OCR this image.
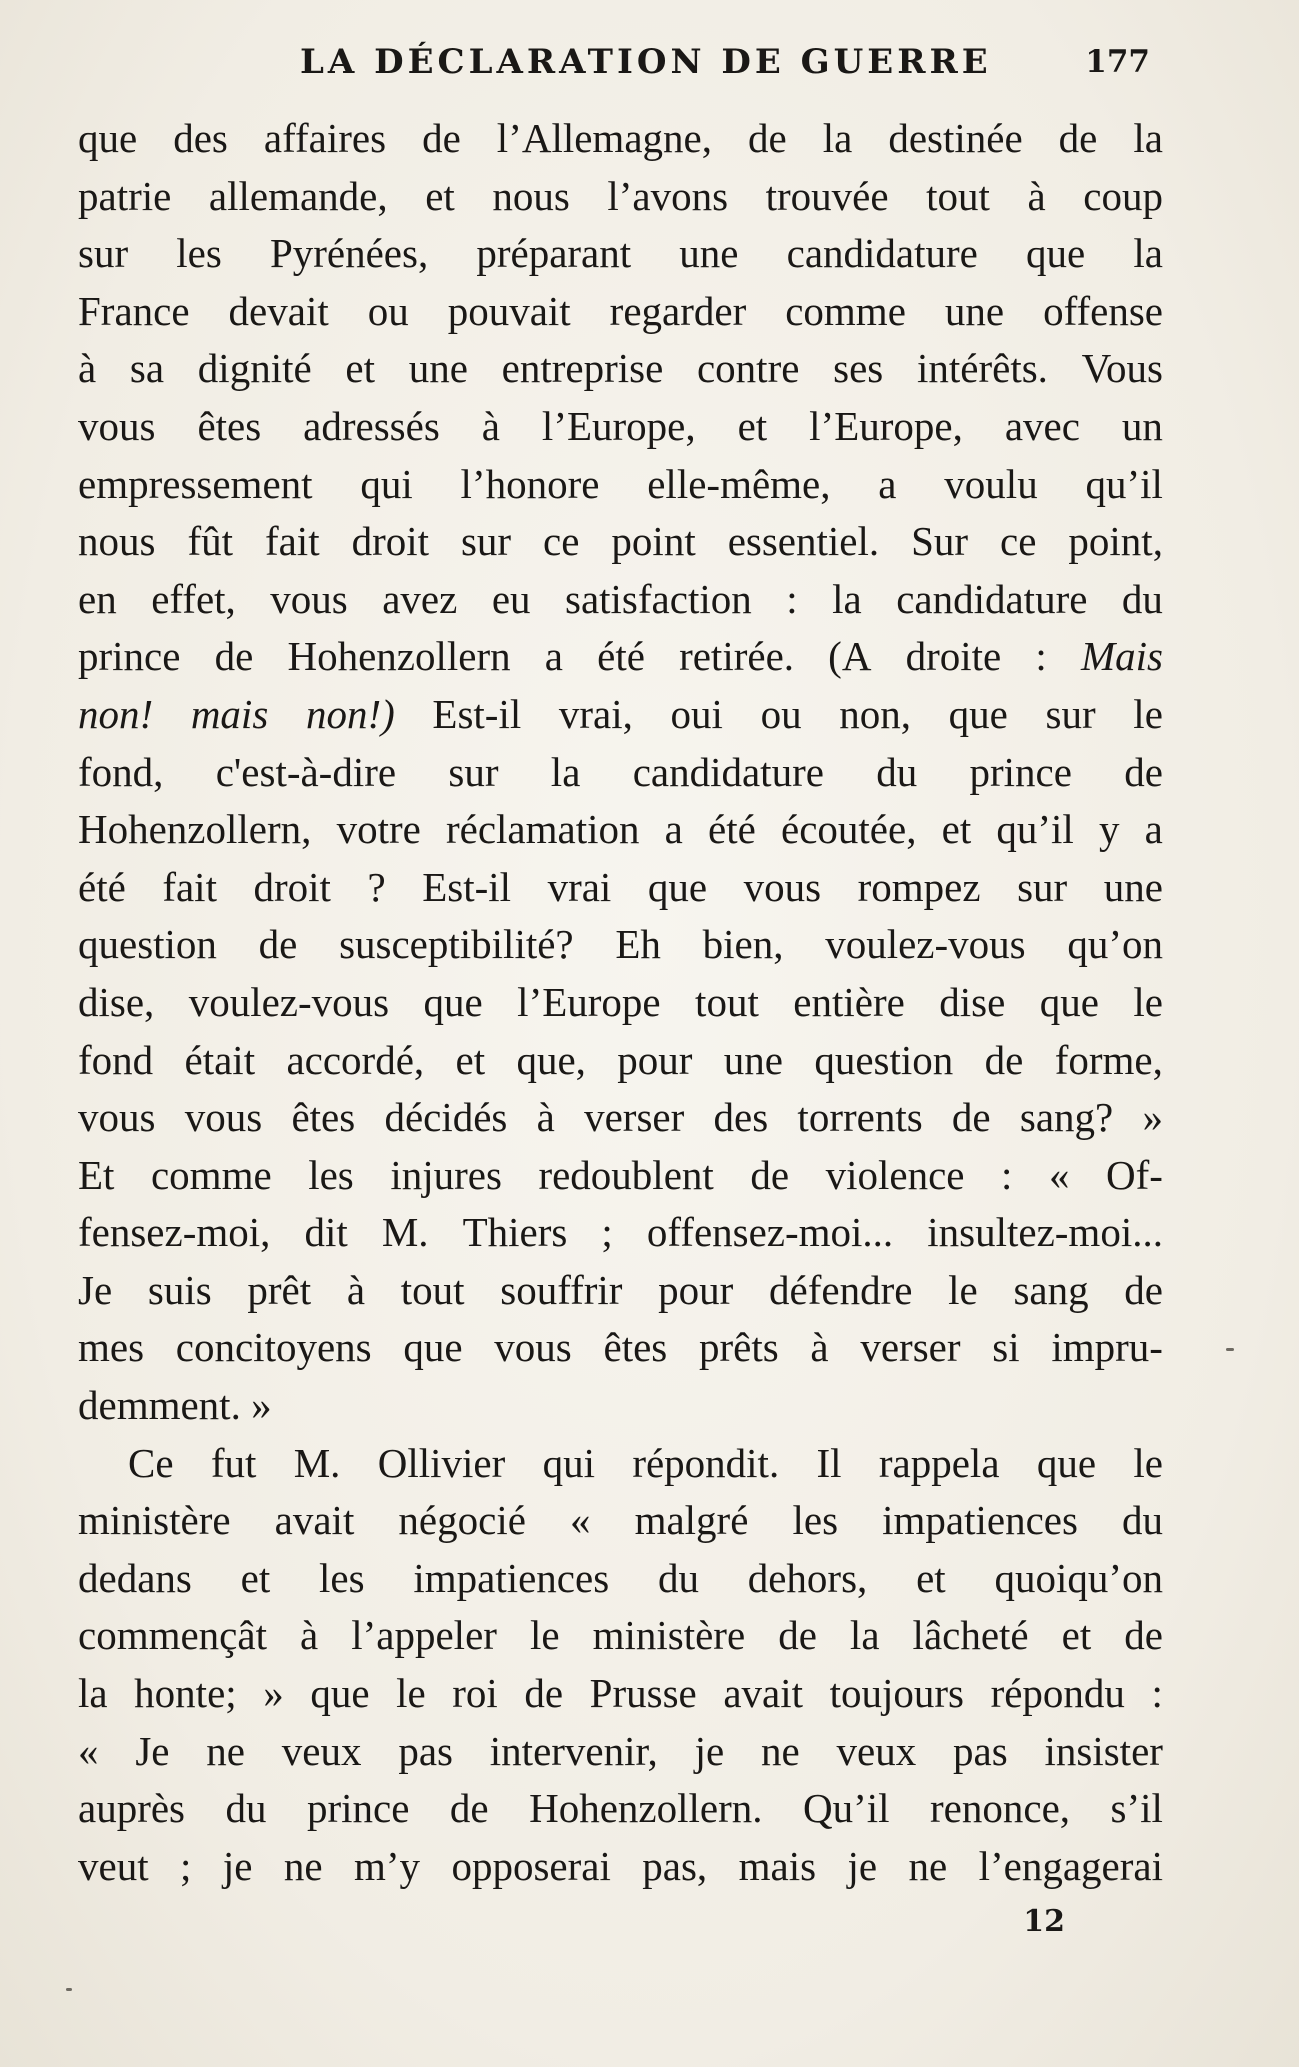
LA DÉCLARATION DE GUERRE	177
que des affaires de l’Allemagne, de la destinée de la
patrie allemande, et nous l’avons trouvée tout à coup
sur les Pyrénées, préparant une candidature que la
France devait ou pouvait regarder comme une offense
à sa dignité et une entreprise contre ses intérêts. Vous
vous êtes adressés à l’Europe, et l’Europe, avec un
empressement qui l’honore elle-même, a voulu qu’il
nous fût fait droit sur ce point essentiel. Sur ce point,
en effet, vous avez eu satisfaction : la candidature du
prince de Hohenzollern a été retirée. (A droite : Mais
non! mais non!) Est-il vrai, oui ou non, que sur le
fond, c'est-à-dire sur la candidature du prince de
Hohenzollern, votre réclamation a été écoutée, et qu’il y a
été fait droit ? Est-il vrai que vous rompez sur une
question de susceptibilité? Eh bien, voulez-vous qu’on
dise, voulez-vous que l’Europe tout entière dise que le
fond était accordé, et que, pour une question de forme,
vous vous êtes décidés à verser des torrents de sang? »
Et comme les injures redoublent de violence : « Of-
fensez-moi, dit M. Thiers ; offensez-moi... insultez-moi...
Je suis prêt à tout souffrir pour défendre le sang de
mes concitoyens que vous êtes prêts à verser si impru-
demment.
»

Ce fut M. Ollivier qui répondit. Il rappela que le
ministère avait négocié « malgré les impatiences du
dedans et les impatiences du dehors, et quoiqu’on
commençât à l’appeler le ministère de la lâcheté et de
la honte; » que le roi de Prusse avait toujours répondu :
« Je ne veux pas intervenir, je ne veux pas insister
auprès du prince de Hohenzollern. Qu’il renonce, s’il
veut ; je ne m’y opposerai pas, mais je ne l’engagerai
12
